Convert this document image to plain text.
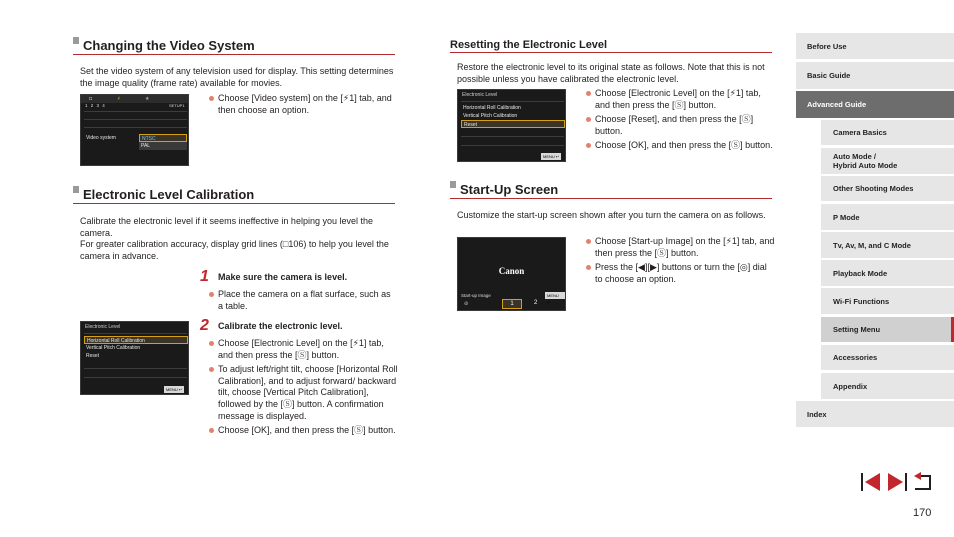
Changing the Video System
Set the video system of any television used for display. This setting determines the image quality (frame rate) available for movies.
◘	⚡	★
1 2 3 4	SETUP1
Video system	NTSC
PAL
Choose [Video system] on the [⚡1] tab, and then choose an option.
Electronic Level Calibration
Calibrate the electronic level if it seems ineffective in helping you level the camera.
For greater calibration accuracy, display grid lines (□106) to help you level the camera in advance.
1 Make sure the camera is level.
Place the camera on a flat surface, such as a table.
Electronic Level
Horizontal Roll Calibration
Vertical Pitch Calibration
Reset
MENU ↩
2 Calibrate the electronic level.
Choose [Electronic Level] on the [⚡1] tab, and then press the [Ⓢ] button.
To adjust left/right tilt, choose [Horizontal Roll Calibration], and to adjust forward/ backward tilt, choose [Vertical Pitch Calibration], followed by the [Ⓢ] button. A confirmation message is displayed.
Choose [OK], and then press the [Ⓢ] button.
Resetting the Electronic Level
Restore the electronic level to its original state as follows. Note that this is not possible unless you have calibrated the electronic level.
Electronic Level
Horizontal Roll Calibration
Vertical Pitch Calibration
Reset
MENU ↩
Choose [Electronic Level] on the [⚡1] tab, and then press the [Ⓢ] button.
Choose [Reset], and then press the [Ⓢ] button.
Choose [OK], and then press the [Ⓢ] button.
Start-Up Screen
Customize the start-up screen shown after you turn the camera on as follows.
Canon
MENU ↩
Start-up Image
⊘	1	2
Choose [Start-up Image] on the [⚡1] tab, and then press the [Ⓢ] button.
Press the [◀][▶] buttons or turn the [◎] dial to choose an option.
Before Use
Basic Guide
Advanced Guide
Camera Basics
Auto Mode /
Hybrid Auto Mode
Other Shooting Modes
P Mode
Tv, Av, M, and C Mode
Playback Mode
Wi-Fi Functions
Setting Menu
Accessories
Appendix
Index
170
